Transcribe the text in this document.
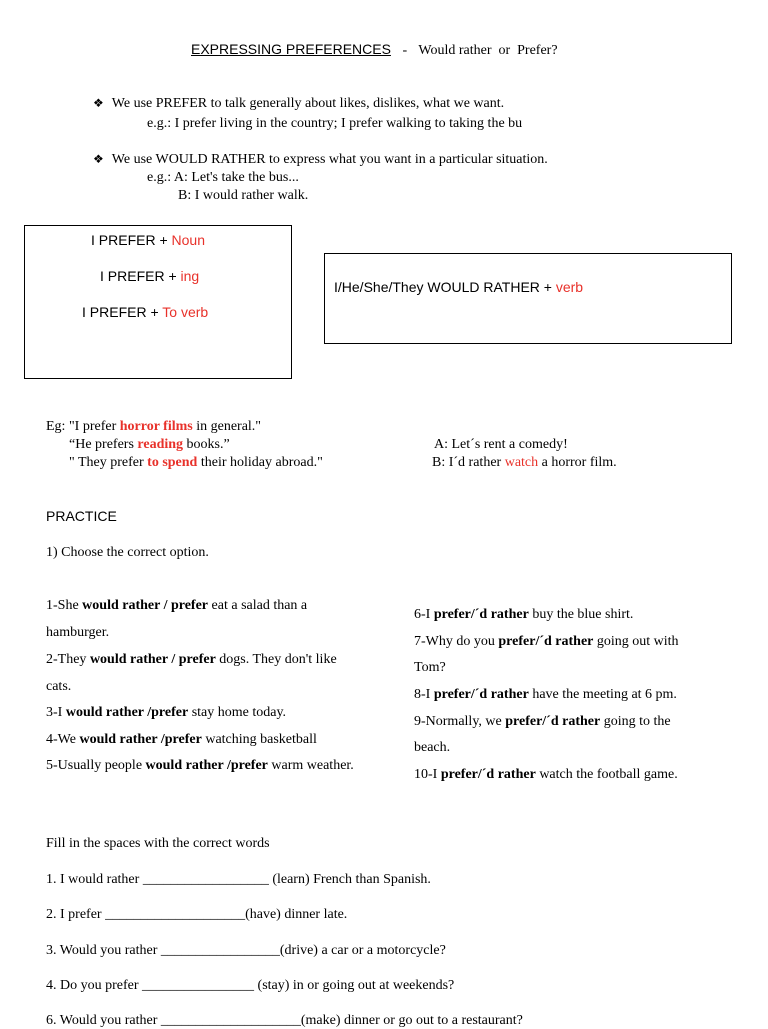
EXPRESSING PREFERENCES - Would rather  or  Prefer?
❖ We use PREFER to talk generally about likes, dislikes, what we want.
e.g.: I prefer living in the country; I prefer walking to taking the bu
❖ We use WOULD RATHER to express what you want in a particular situation.
e.g.: A: Let's take the bus...
B: I would rather walk.
I PREFER + Noun
I PREFER + ing
I PREFER + To verb
I/He/She/They WOULD RATHER + verb
Eg: "I prefer horror films in general."
“He prefers reading books.”
" They prefer to spend their holiday abroad."
A: Let´s rent a comedy!
B: I´d rather watch a horror film.
PRACTICE
1) Choose the correct option.
1-She would rather / prefer eat a salad than a
hamburger.
2-They would rather / prefer dogs. They don't like
cats.
3-I would rather /prefer stay home today.
4-We would rather /prefer watching basketball
5-Usually people would rather /prefer warm weather.
6-I prefer/´d rather buy the blue shirt.
7-Why do you prefer/´d rather going out with
Tom?
8-I prefer/´d rather have the meeting at 6 pm.
9-Normally, we prefer/´d rather going to the
beach.
10-I prefer/´d rather watch the football game.
Fill in the spaces with the correct words
1. I would rather __________________ (learn) French than Spanish.
2. I prefer ____________________(have) dinner late.
3. Would you rather _________________(drive) a car or a motorcycle?
4. Do you prefer ________________ (stay) in or going out at weekends?
6. Would you rather ____________________(make) dinner or go out to a restaurant?
